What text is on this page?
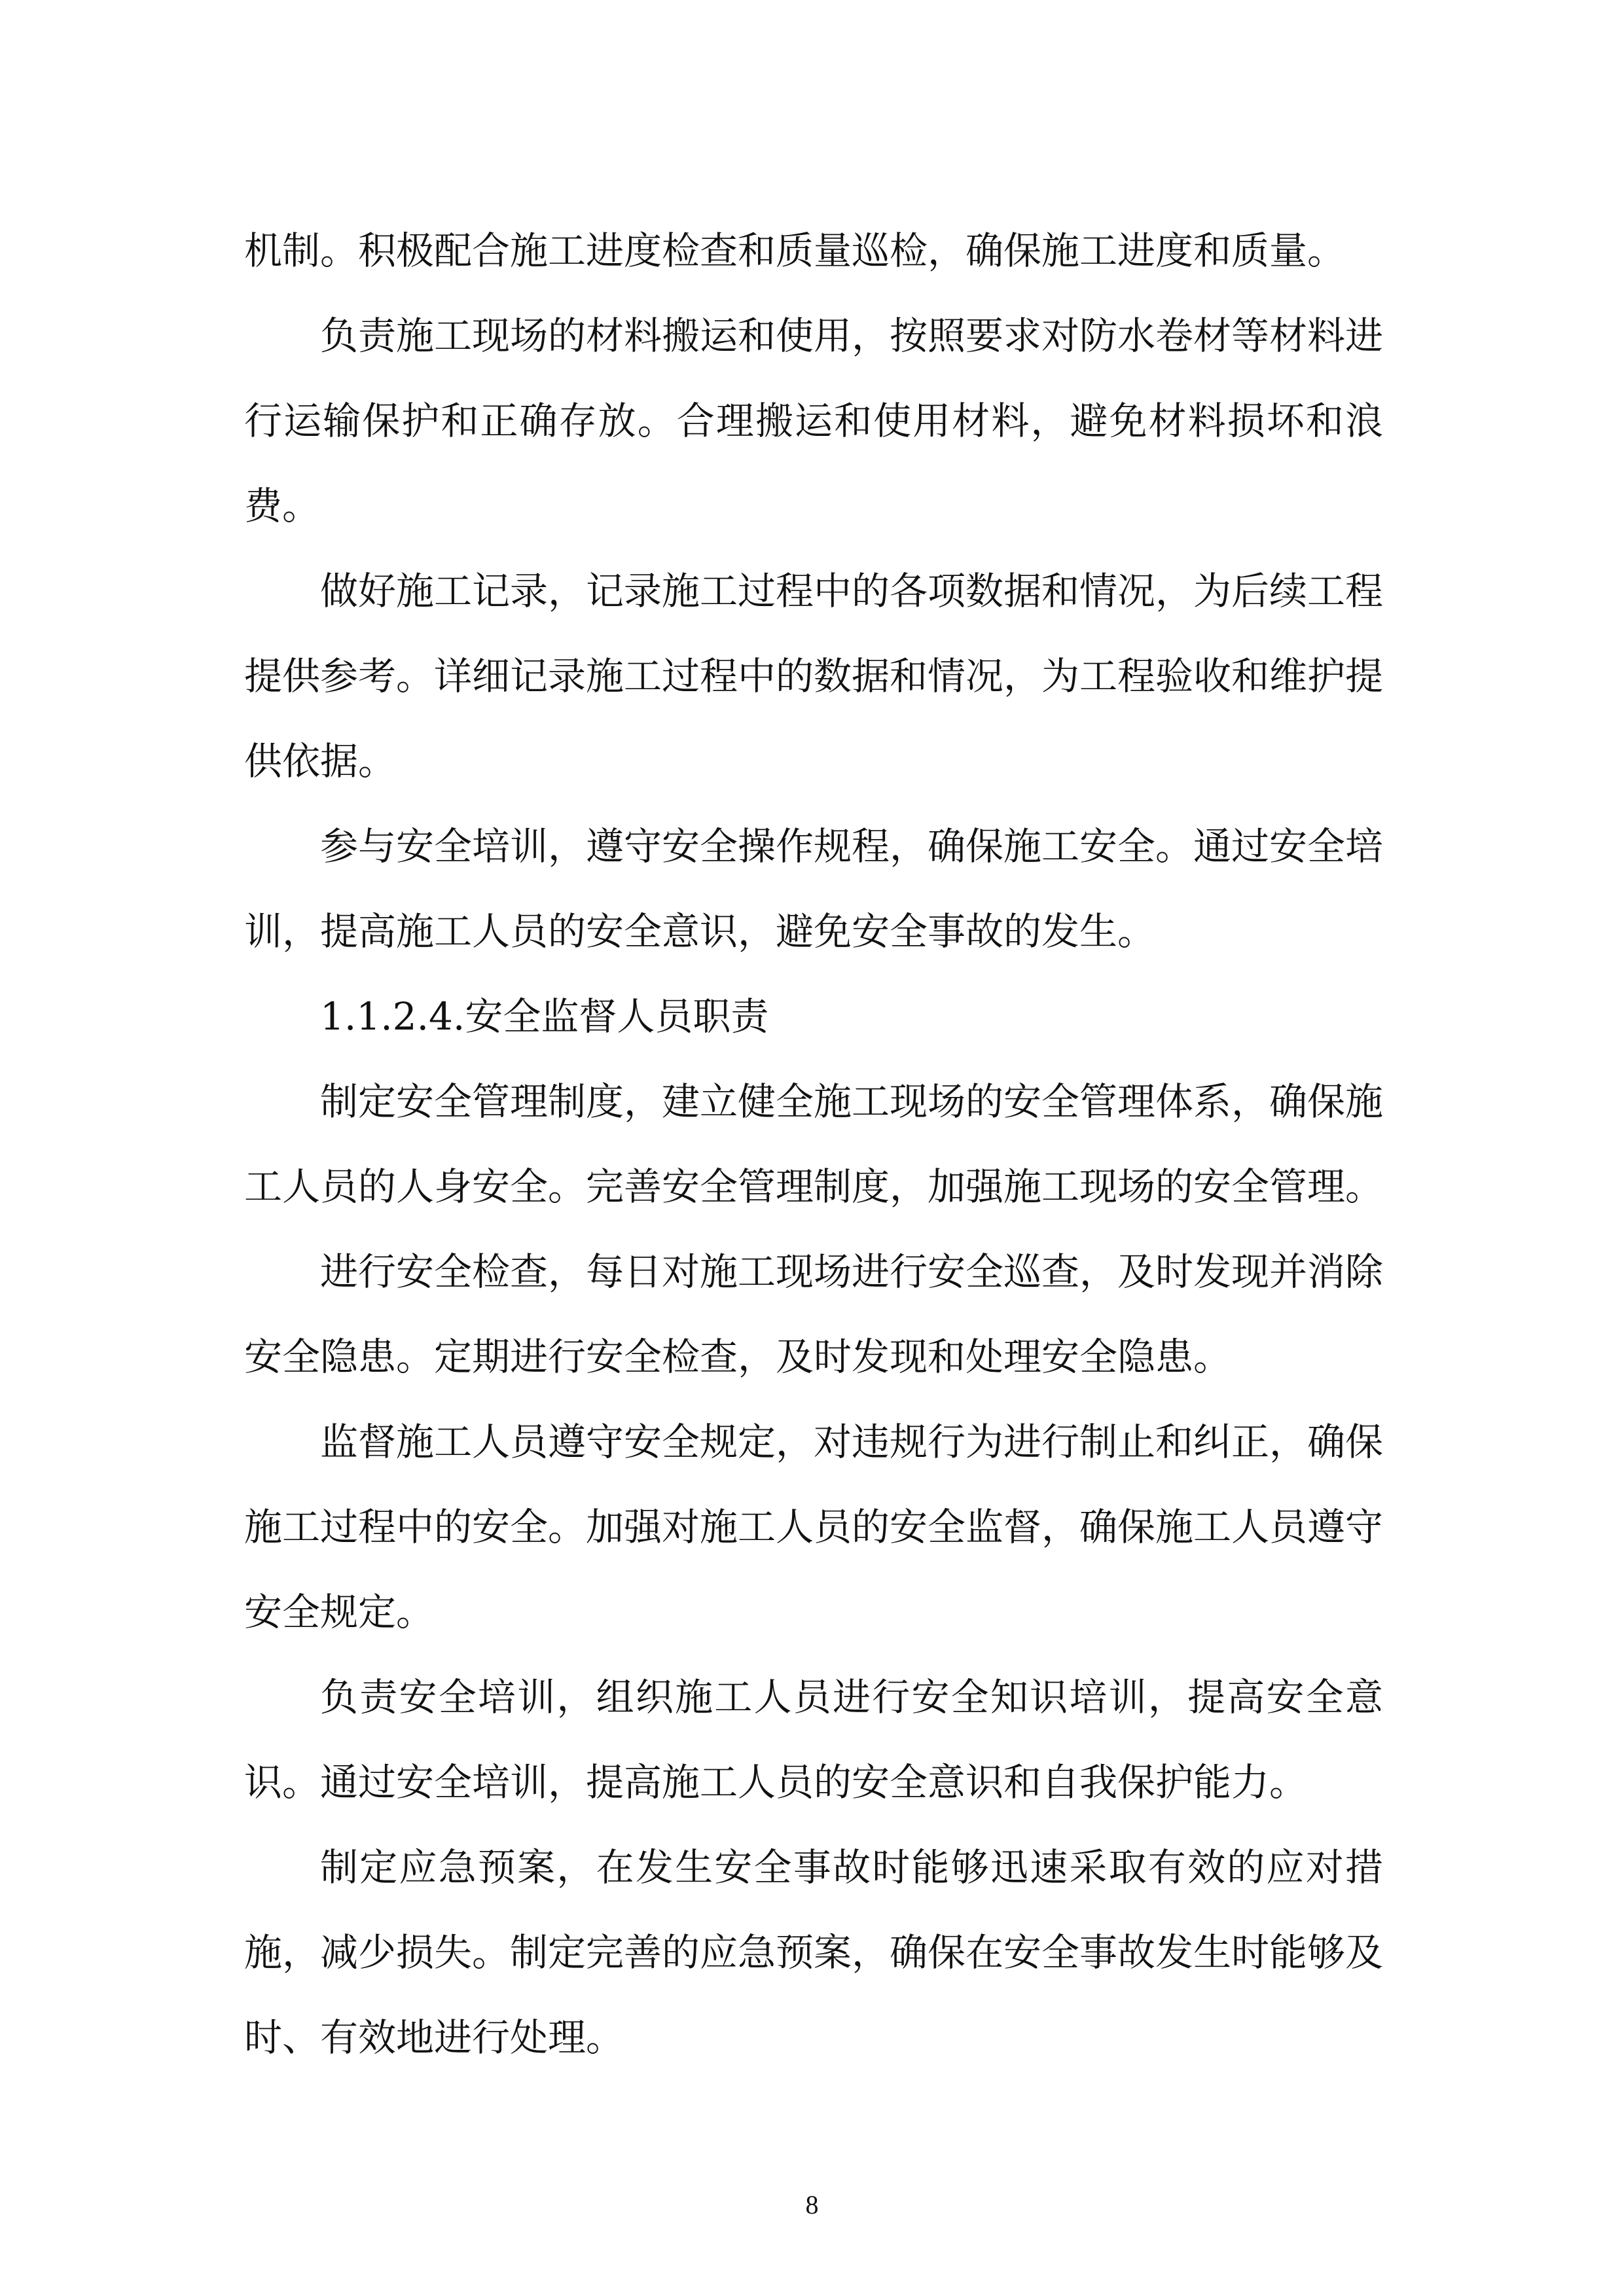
机制。积极配合施工进度检查和质量巡检，确保施工进度和质量。

负责施工现场的材料搬运和使用，按照要求对防水卷材等材料进行运输保护和正确存放。合理搬运和使用材料，避免材料损坏和浪费。

做好施工记录，记录施工过程中的各项数据和情况，为后续工程提供参考。详细记录施工过程中的数据和情况，为工程验收和维护提供依据。

参与安全培训，遵守安全操作规程，确保施工安全。通过安全培训，提高施工人员的安全意识，避免安全事故的发生。

1.1.2.4.安全监督人员职责

制定安全管理制度，建立健全施工现场的安全管理体系，确保施工人员的人身安全。完善安全管理制度，加强施工现场的安全管理。

进行安全检查，每日对施工现场进行安全巡查，及时发现并消除安全隐患。定期进行安全检查，及时发现和处理安全隐患。

监督施工人员遵守安全规定，对违规行为进行制止和纠正，确保施工过程中的安全。加强对施工人员的安全监督，确保施工人员遵守安全规定。

负责安全培训，组织施工人员进行安全知识培训，提高安全意识。通过安全培训，提高施工人员的安全意识和自我保护能力。

制定应急预案，在发生安全事故时能够迅速采取有效的应对措施，减少损失。制定完善的应急预案，确保在安全事故发生时能够及时、有效地进行处理。

8
